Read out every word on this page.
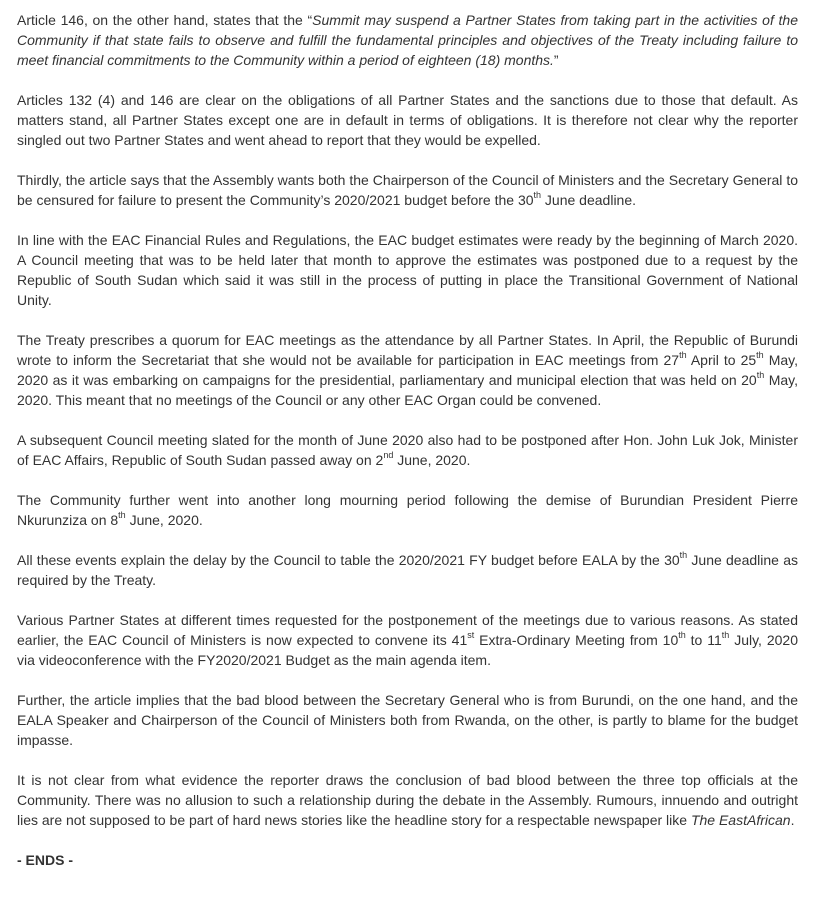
Article 146, on the other hand, states that the “Summit may suspend a Partner States from taking part in the activities of the Community if that state fails to observe and fulfill the fundamental principles and objectives of the Treaty including failure to meet financial commitments to the Community within a period of eighteen (18) months.”

Articles 132 (4) and 146 are clear on the obligations of all Partner States and the sanctions due to those that default. As matters stand, all Partner States except one are in default in terms of obligations. It is therefore not clear why the reporter singled out two Partner States and went ahead to report that they would be expelled.

Thirdly, the article says that the Assembly wants both the Chairperson of the Council of Ministers and the Secretary General to be censured for failure to present the Community’s 2020/2021 budget before the 30th June deadline.

In line with the EAC Financial Rules and Regulations, the EAC budget estimates were ready by the beginning of March 2020. A Council meeting that was to be held later that month to approve the estimates was postponed due to a request by the Republic of South Sudan which said it was still in the process of putting in place the Transitional Government of National Unity.

The Treaty prescribes a quorum for EAC meetings as the attendance by all Partner States. In April, the Republic of Burundi wrote to inform the Secretariat that she would not be available for participation in EAC meetings from 27th April to 25th May, 2020 as it was embarking on campaigns for the presidential, parliamentary and municipal election that was held on 20th May, 2020. This meant that no meetings of the Council or any other EAC Organ could be convened.

A subsequent Council meeting slated for the month of June 2020 also had to be postponed after Hon. John Luk Jok, Minister of EAC Affairs, Republic of South Sudan passed away on 2nd June, 2020.

The Community further went into another long mourning period following the demise of Burundian President Pierre Nkurunziza on 8th June, 2020.

All these events explain the delay by the Council to table the 2020/2021 FY budget before EALA by the 30th June deadline as required by the Treaty.

Various Partner States at different times requested for the postponement of the meetings due to various reasons. As stated earlier, the EAC Council of Ministers is now expected to convene its 41st Extra-Ordinary Meeting from 10th to 11th July, 2020 via videoconference with the FY2020/2021 Budget as the main agenda item.

Further, the article implies that the bad blood between the Secretary General who is from Burundi, on the one hand, and the EALA Speaker and Chairperson of the Council of Ministers both from Rwanda, on the other, is partly to blame for the budget impasse.

It is not clear from what evidence the reporter draws the conclusion of bad blood between the three top officials at the Community. There was no allusion to such a relationship during the debate in the Assembly. Rumours, innuendo and outright lies are not supposed to be part of hard news stories like the headline story for a respectable newspaper like The EastAfrican.

- ENDS -
